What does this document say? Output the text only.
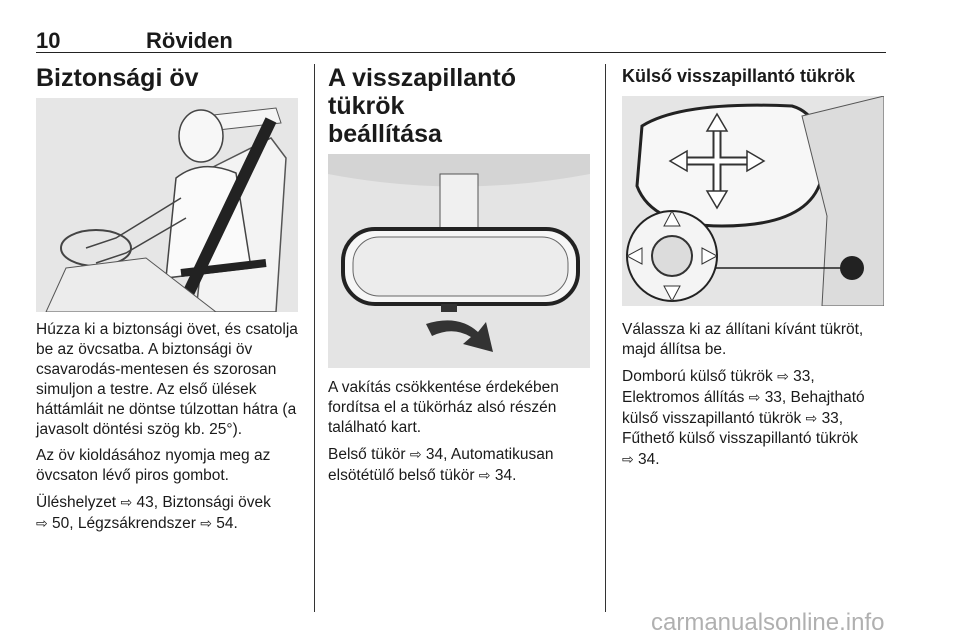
10	Röviden
Biztonsági öv

Húzza ki a biztonsági övet, és csatolja be az övcsatba. A biztonsági öv csavarodás-mentesen és szorosan simuljon a testre. Az első ülések háttámláit ne döntse túlzottan hátra (a javasolt döntési szög kb. 25°).

Az öv kioldásához nyomja meg az övcsaton lévő piros gombot.

Üléshelyzet ⇨ 43, Biztonsági övek
⇨ 50, Légzsákrendszer ⇨ 54.

A visszapillantó tükrök
beállítása

A vakítás csökkentése érdekében fordítsa el a tükörház alsó részén található kart.

Belső tükör ⇨ 34, Automatikusan elsötétülő belső tükör ⇨ 34.

Külső visszapillantó tükrök

Válassza ki az állítani kívánt tükröt, majd állítsa be.

Domború külső tükrök ⇨ 33,
Elektromos állítás ⇨ 33, Behajtható külső visszapillantó tükrök ⇨ 33,
Fűthető külső visszapillantó tükrök
⇨ 34.

carmanualsonline.info
